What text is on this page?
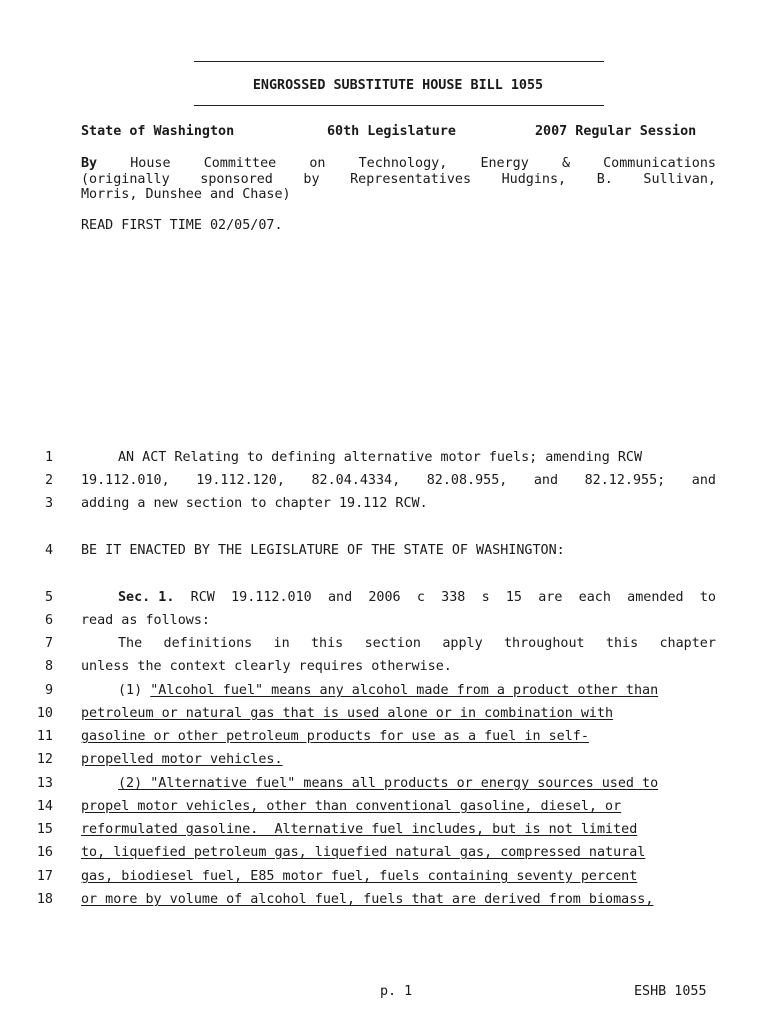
ENGROSSED SUBSTITUTE HOUSE BILL 1055
State of Washington	60th Legislature	2007 Regular Session
By House Committee on Technology, Energy & Communications
(originally sponsored by Representatives Hudgins, B. Sullivan,
Morris, Dunshee and Chase)
READ FIRST TIME 02/05/07.
1	AN ACT Relating to defining alternative motor fuels; amending RCW
2 19.112.010, 19.112.120, 82.04.4334, 82.08.955, and 82.12.955; and
3 adding a new section to chapter 19.112 RCW.
4 BE IT ENACTED BY THE LEGISLATURE OF THE STATE OF WASHINGTON:
5	Sec. 1. RCW 19.112.010 and 2006 c 338 s 15 are each amended to
6 read as follows:
7	The definitions in this section apply throughout this chapter
8 unless the context clearly requires otherwise.
9	(1)
"Alcohol fuel" means any alcohol made from a product other than
10 petroleum or natural gas that is used alone or in combination with
11 gasoline or other petroleum products for use as a fuel in self-
12 propelled motor vehicles.
13	(2) "Alternative fuel" means all products or energy sources used to
14 propel motor vehicles, other than conventional gasoline, diesel, or
15 reformulated gasoline.  Alternative fuel includes, but is not limited
16 to, liquefied petroleum gas, liquefied natural gas, compressed natural
17 gas, biodiesel fuel, E85 motor fuel, fuels containing seventy percent
18 or more by volume of alcohol fuel, fuels that are derived from biomass,
p. 1	ESHB 1055
